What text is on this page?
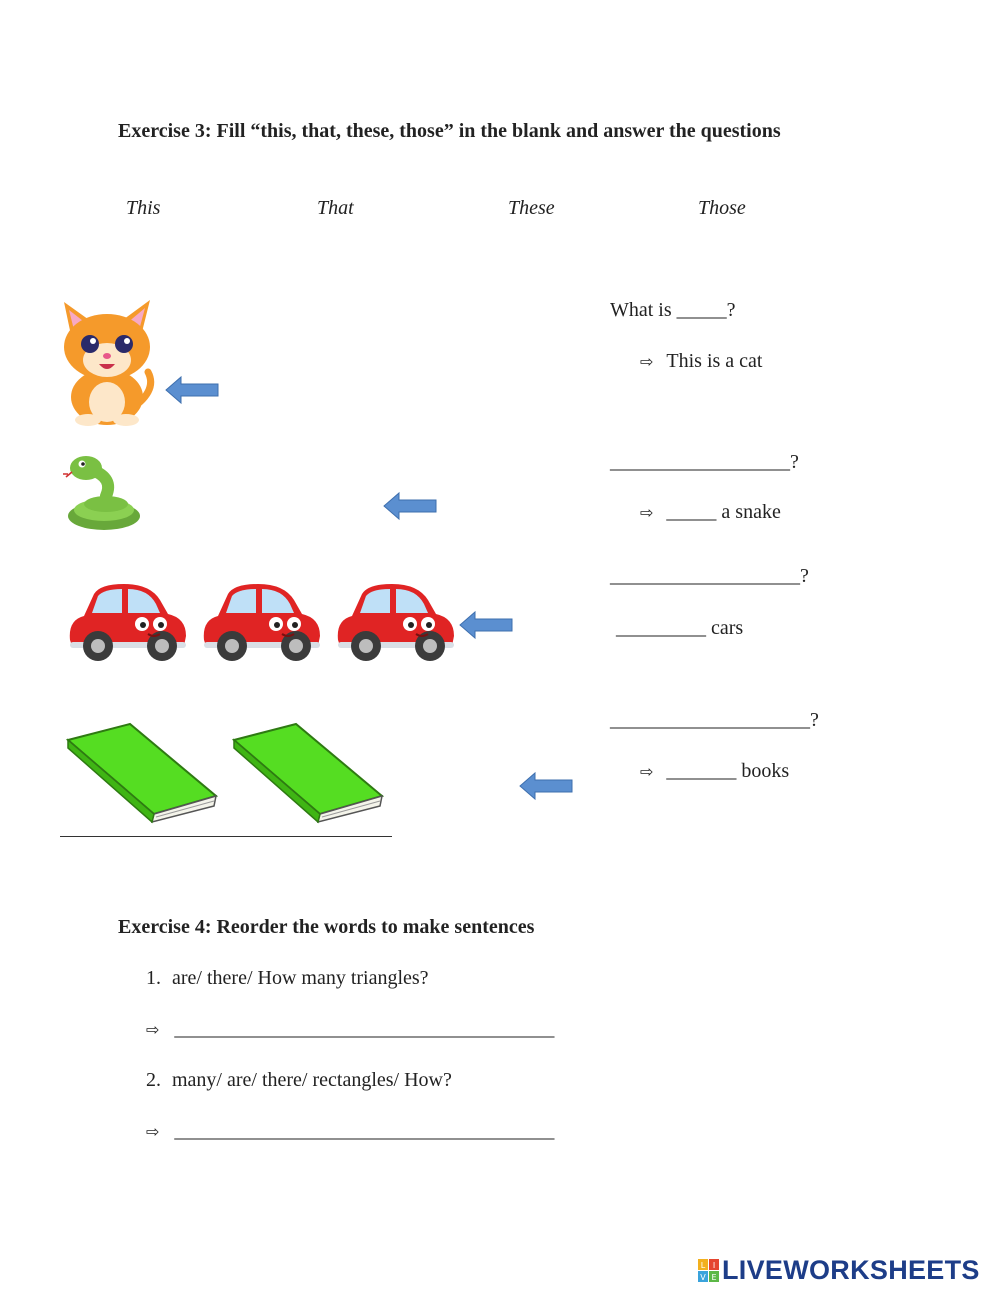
Exercise 3: Fill “this, that, these, those” in the blank and answer the questions
This	That	These	Those
What is _____?
⇨ This is a cat
__________________?
⇨ _____ a snake
___________________?
_________ cars
____________________?
⇨ _______ books
Exercise 4: Reorder the words to make sentences
1. are/ there/ How many triangles?
⇨ ______________________________________
2. many/ are/ there/ rectangles/ How?
⇨ ______________________________________
L I
V E LIVEWORKSHEETS
